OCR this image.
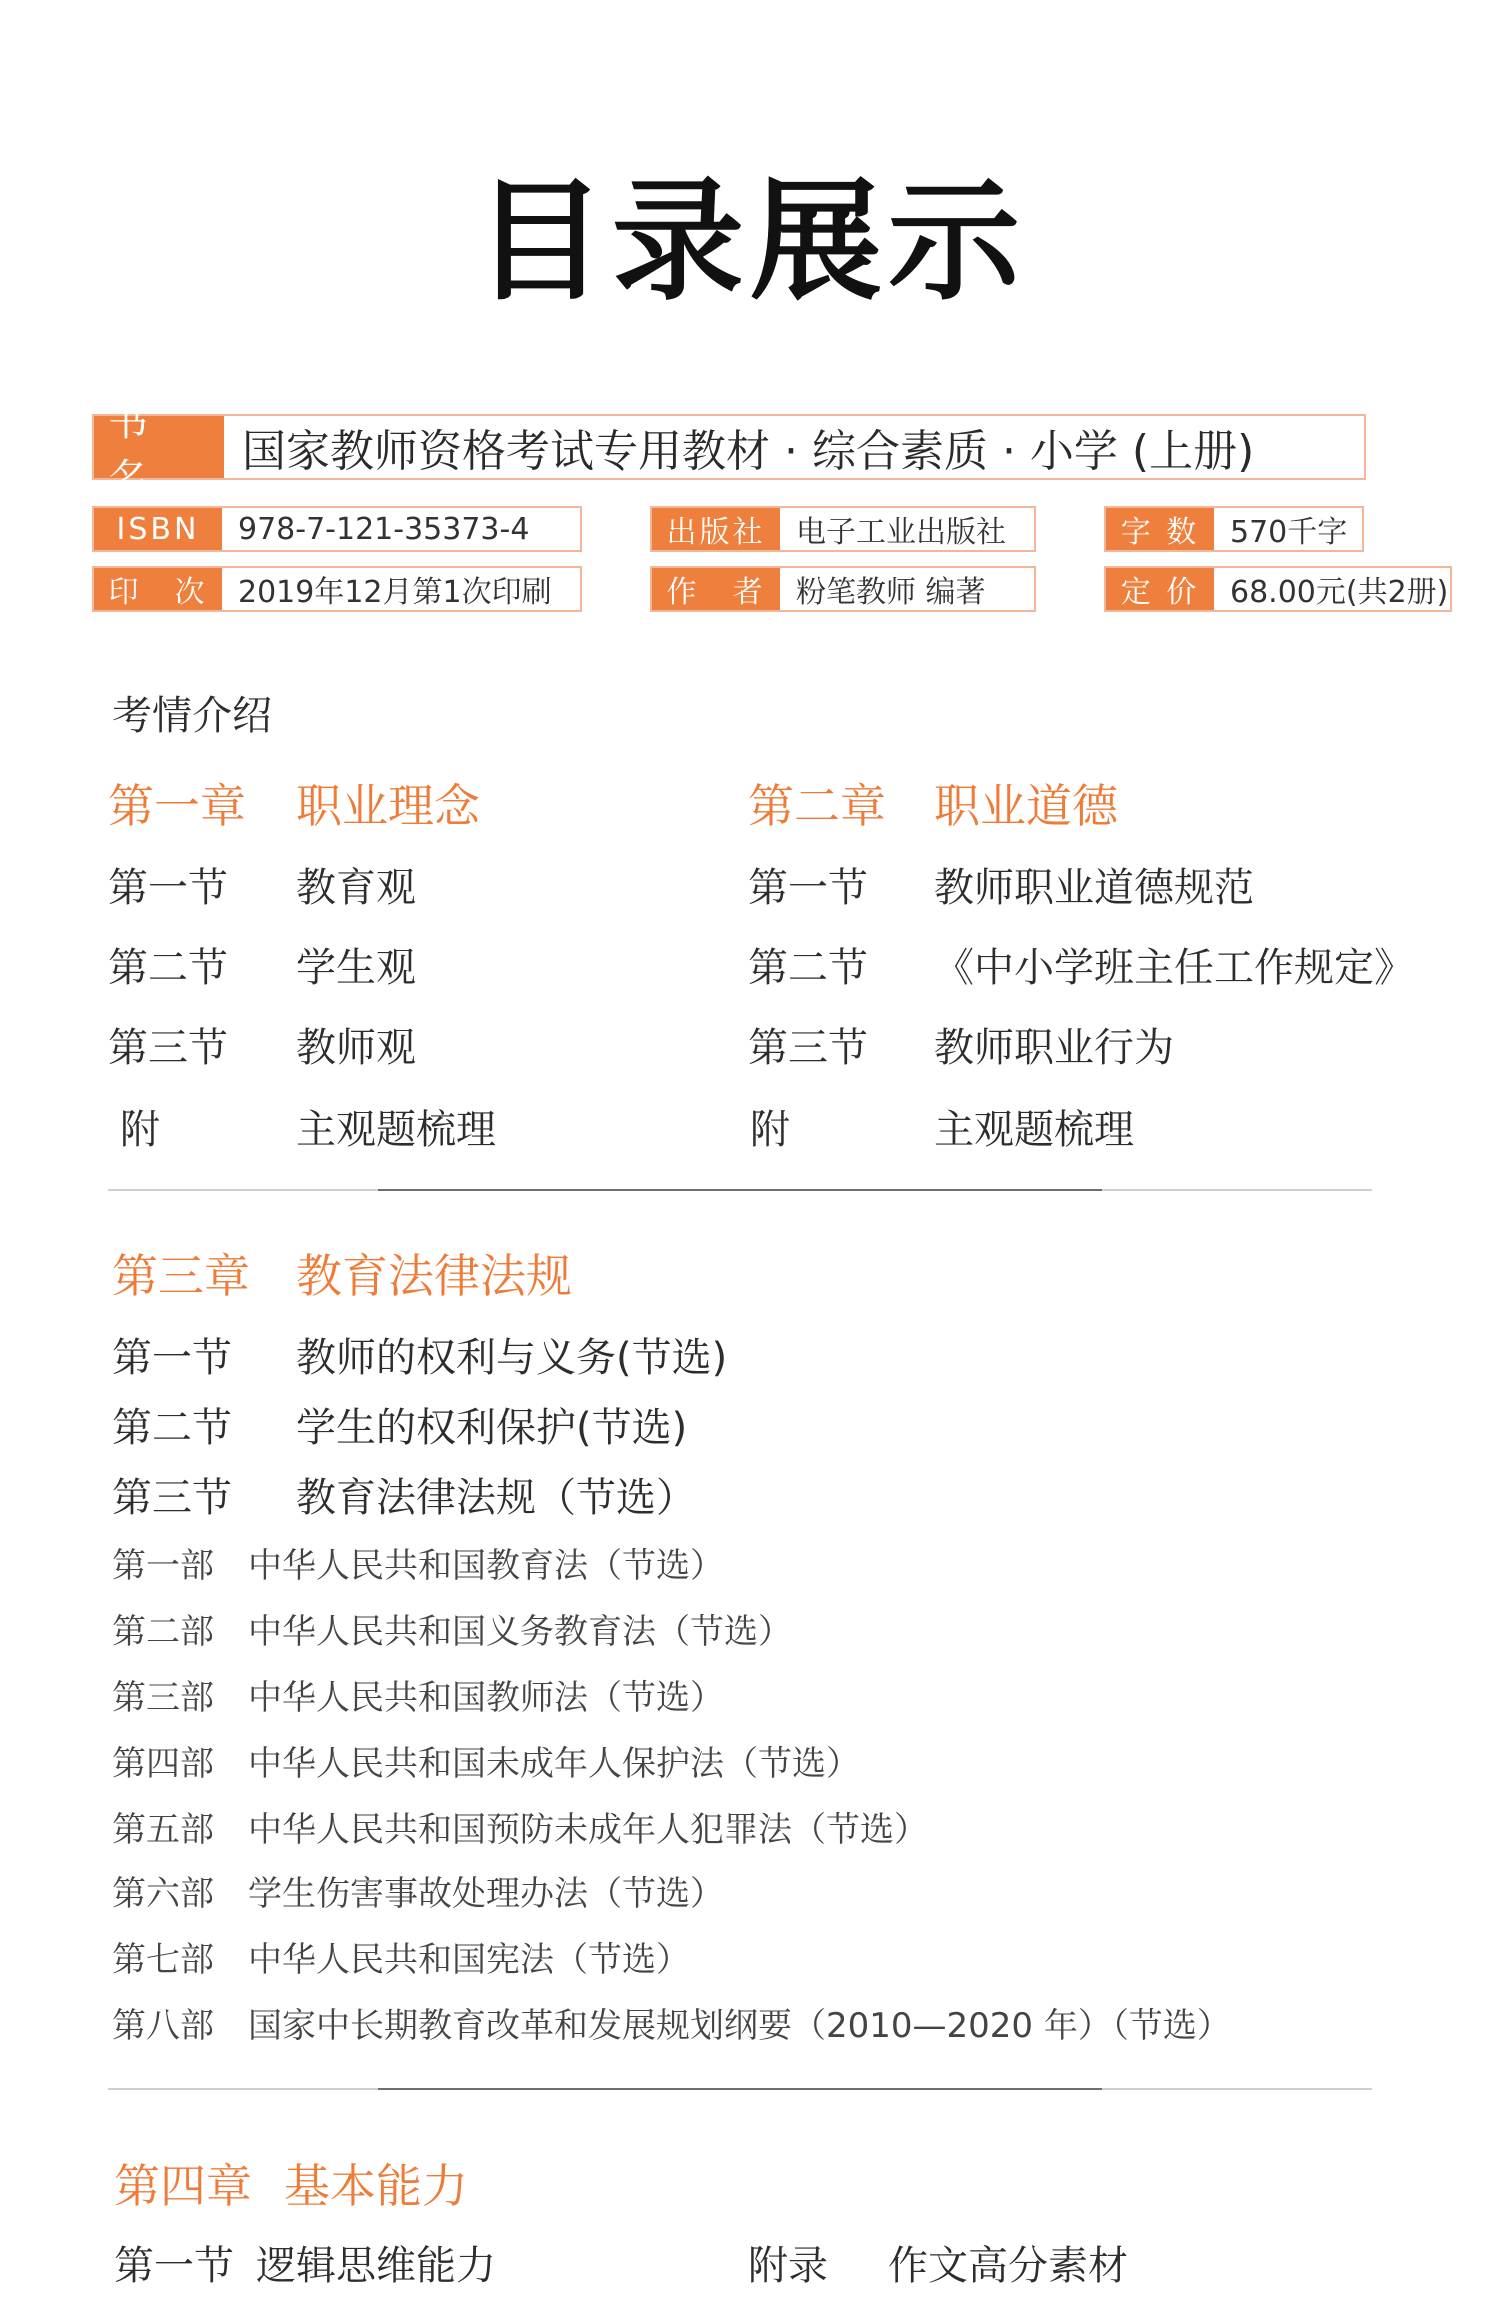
目录展示
书 名
国家教师资格考试专用教材 · 综合素质 · 小学 (上册)
ISBN	978-7-121-35373-4	出版社	电子工业出版社	字 数	570千字
印　次	2019年12月第1次印刷	作　者	粉笔教师 编著	定 价	68.00元(共2册)
考情介绍
第一章 职业理念
第一节 教育观
第二节 学生观
第三节 教师观
附	主观题梳理
第二章 职业道德
第一节 教师职业道德规范
第二节 《中小学班主任工作规定》
第三节 教师职业行为
附	主观题梳理
第三章 教育法律法规
第一节 教师的权利与义务(节选)
第二节 学生的权利保护(节选)
第三节 教育法律法规（节选）
第一部 中华人民共和国教育法（节选）
第二部 中华人民共和国义务教育法（节选）
第三部 中华人民共和国教师法（节选）
第四部 中华人民共和国未成年人保护法（节选）
第五部 中华人民共和国预防未成年人犯罪法（节选）
第六部 学生伤害事故处理办法（节选）
第七部 中华人民共和国宪法（节选）
第八部 国家中长期教育改革和发展规划纲要（2010—2020 年）（节选）
第四章 基本能力
第一节 逻辑思维能力	附录 作文高分素材
